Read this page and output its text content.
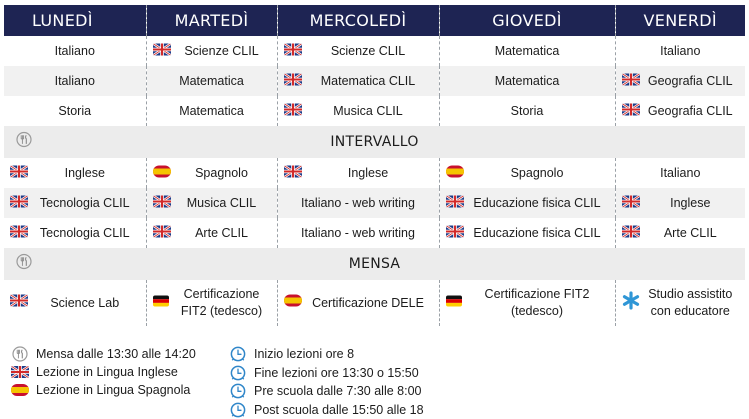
LUNEDÌ	MARTEDÌ	MERCOLEDÌ	GIOVEDÌ	VENERDÌ

Italiano	Scienze CLIL	Scienze CLIL	Matematica	Italiano

Italiano	Matematica	Matematica CLIL	Matematica	Geografia CLIL

Storia	Matematica	Musica CLIL	Storia	Geografia CLIL

INTERVALLO				

Inglese	Spagnolo	Inglese	Spagnolo	Italiano

Tecnologia CLIL	Musica CLIL	Italiano - web writing	Educazione fisica CLIL	Inglese

Tecnologia CLIL	Arte CLIL	Italiano - web writing	Educazione fisica CLIL	Arte CLIL

MENSA				

Science Lab	Certificazione FIT2 (tedesco)	Certificazione DELE	Certificazione FIT2 (tedesco)	Studio assistito con educatore
Mensa dalle 13:30 alle 14:20
Lezione in Lingua Inglese
Lezione in Lingua Spagnola
Inizio lezioni ore 8
Fine lezioni ore 13:30 o 15:50
Pre scuola dalle 7:30 alle 8:00
Post scuola dalle 15:50 alle 18
